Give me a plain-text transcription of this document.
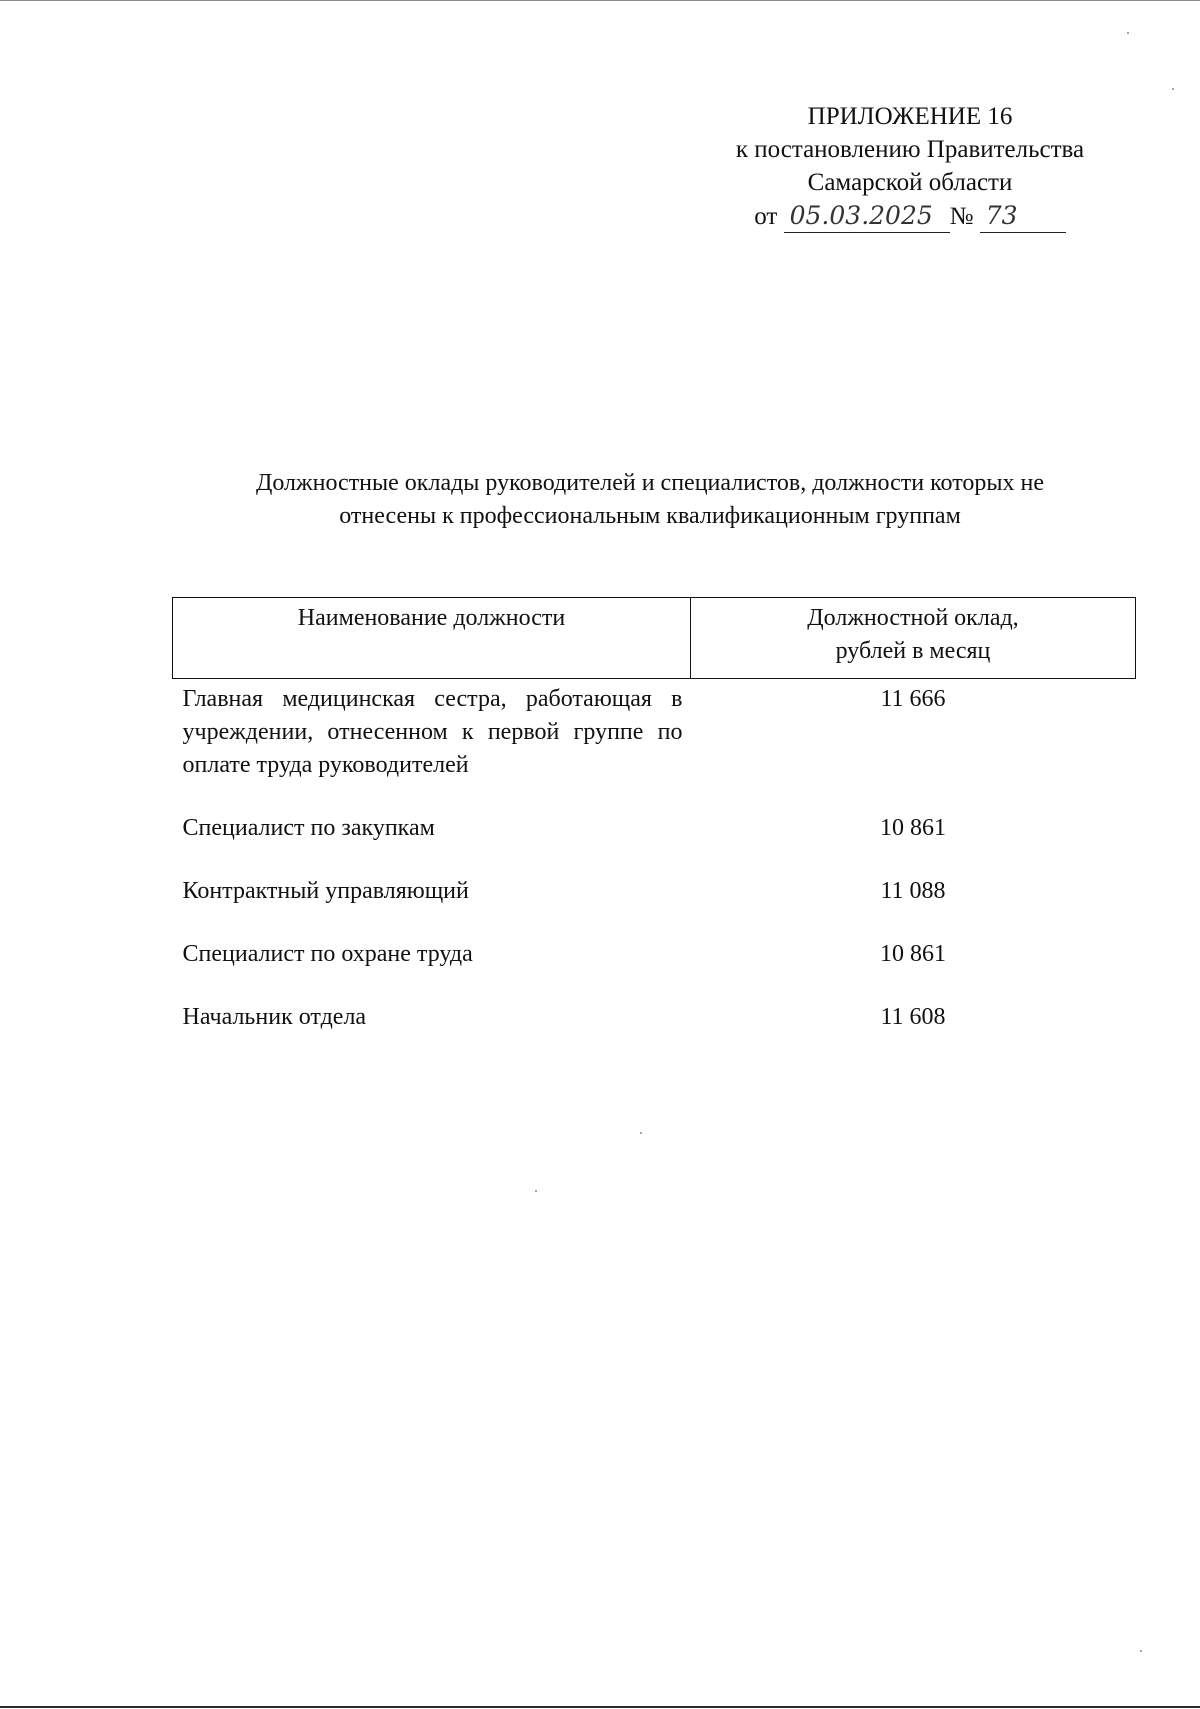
ПРИЛОЖЕНИЕ 16
к постановлению Правительства
Самарской области
от 05.03.2025 № 73
Должностные оклады руководителей и специалистов, должности которых не
отнесены к профессиональным квалификационным группам
Наименование должности	Должностной оклад,
рублей в месяц
Главная медицинская сестра, работающая в учреждении, отнесенном к первой группе по оплате труда руководителей	11 666
Специалист по закупкам	10 861
Контрактный управляющий	11 088
Специалист по охране труда	10 861
Начальник отдела	11 608
